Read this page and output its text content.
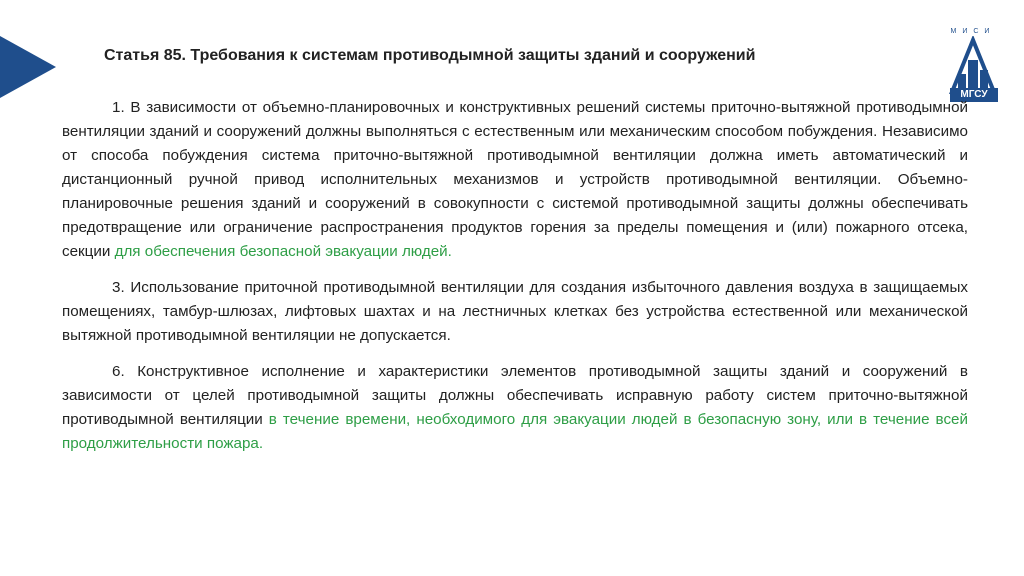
МИСИ
МГСУ
Статья 85. Требования к системам противодымной защиты зданий и сооружений

1. В зависимости от объемно-планировочных и конструктивных решений системы приточно-вытяжной противодымной вентиляции зданий и сооружений должны выполняться с естественным или механическим способом побуждения. Независимо от способа побуждения система приточно-вытяжной противодымной вентиляции должна иметь автоматический и дистанционный ручной привод исполнительных механизмов и устройств противодымной вентиляции. Объемно-планировочные решения зданий и сооружений в совокупности с системой противодымной защиты должны обеспечивать предотвращение или ограничение распространения продуктов горения за пределы помещения и (или) пожарного отсека, секции для обеспечения безопасной эвакуации людей.

3. Использование приточной противодымной вентиляции для создания избыточного давления воздуха в защищаемых помещениях, тамбур-шлюзах, лифтовых шахтах и на лестничных клетках без устройства естественной или механической вытяжной противодымной вентиляции не допускается.

6. Конструктивное исполнение и характеристики элементов противодымной защиты зданий и сооружений в зависимости от целей противодымной защиты должны обеспечивать исправную работу систем приточно-вытяжной противодымной вентиляции в течение времени, необходимого для эвакуации людей в безопасную зону, или в течение всей продолжительности пожара.
